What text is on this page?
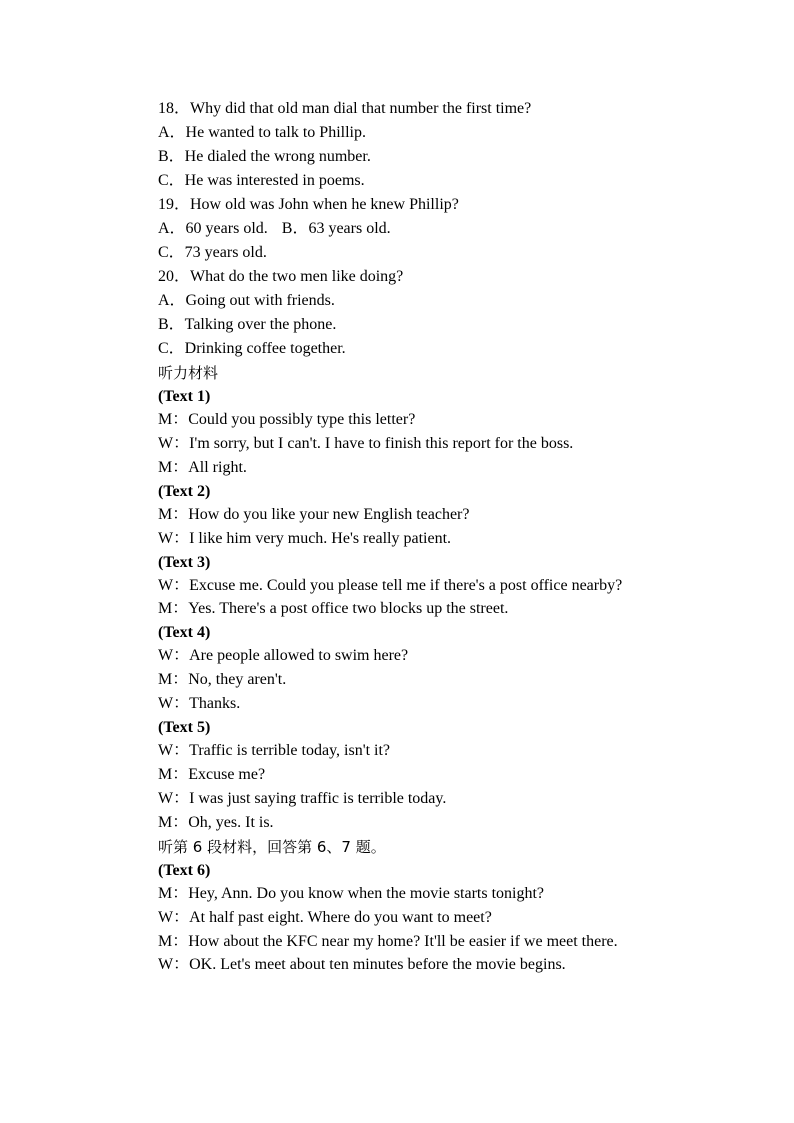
18．Why did that old man dial that number the first time?
A．He wanted to talk to Phillip.
B．He dialed the wrong number.
C．He was interested in poems.
19．How old was John when he knew Phillip?
A．60 years old. B．63 years old.
C．73 years old.
20．What do the two men like doing?
A．Going out with friends.
B．Talking over the phone.
C．Drinking coffee together.
听力材料
(Text 1)
M：Could you possibly type this letter?
W：I'm sorry, but I can't. I have to finish this report for the boss.
M：All right.
(Text 2)
M：How do you like your new English teacher?
W：I like him very much. He's really patient.
(Text 3)
W：Excuse me. Could you please tell me if there's a post office nearby?
M：Yes. There's a post office two blocks up the street.
(Text 4)
W：Are people allowed to swim here?
M：No, they aren't.
W：Thanks.
(Text 5)
W：Traffic is terrible today, isn't it?
M：Excuse me?
W：I was just saying traffic is terrible today.
M：Oh, yes. It is.
听第 6 段材料，回答第 6、7 题。
(Text 6)
M：Hey, Ann. Do you know when the movie starts tonight?
W：At half past eight. Where do you want to meet?
M：How about the KFC near my home? It'll be easier if we meet there.
W：OK. Let's meet about ten minutes before the movie begins.
